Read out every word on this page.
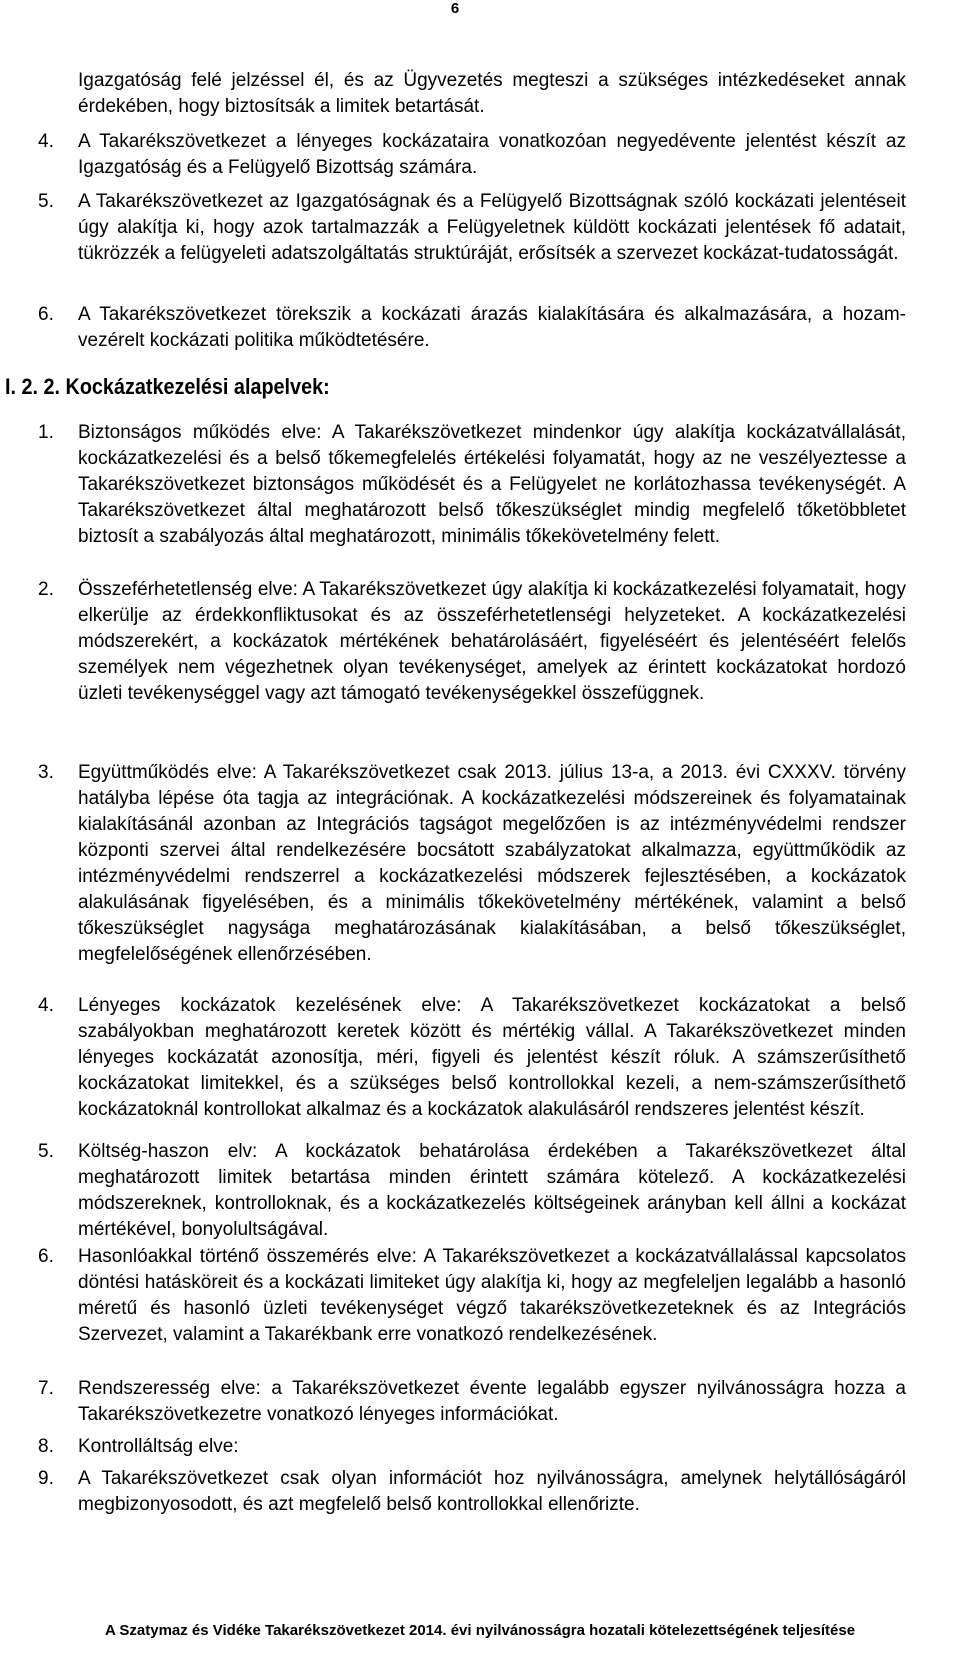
6
Igazgatóság felé jelzéssel él, és az Ügyvezetés megteszi a szükséges intézkedéseket annak érdekében, hogy biztosítsák a limitek betartását.
4.	A Takarékszövetkezet a lényeges kockázataira vonatkozóan negyedévente jelentést készít az Igazgatóság és a Felügyelő Bizottság számára.
5.	A Takarékszövetkezet az Igazgatóságnak és a Felügyelő Bizottságnak szóló kockázati jelentéseit úgy alakítja ki, hogy azok tartalmazzák a Felügyeletnek küldött kockázati jelentések fő adatait, tükrözzék a felügyeleti adatszolgáltatás struktúráját, erősítsék a szervezet kockázat-tudatosságát.
6.	A Takarékszövetkezet törekszik a kockázati árazás kialakítására és alkalmazására, a hozam-vezérelt kockázati politika működtetésére.
I. 2. 2. Kockázatkezelési alapelvek:
1.	Biztonságos működés elve: A Takarékszövetkezet mindenkor úgy alakítja kockázatvállalását, kockázatkezelési és a belső tőkemegfelelés értékelési folyamatát, hogy az ne veszélyeztesse a Takarékszövetkezet biztonságos működését és a Felügyelet ne korlátozhassa tevékenységét. A Takarékszövetkezet által meghatározott belső tőkeszükséglet mindig megfelelő tőketöbbletet biztosít a szabályozás által meghatározott, minimális tőkekövetelmény felett.
2.	Összeférhetetlenség elve: A Takarékszövetkezet úgy alakítja ki kockázatkezelési folyamatait, hogy elkerülje az érdekkonfliktusokat és az összeférhetetlenségi helyzeteket. A kockázatkezelési módszerekért, a kockázatok mértékének behatárolásáért, figyeléséért és jelentéséért felelős személyek nem végezhetnek olyan tevékenységet, amelyek az érintett kockázatokat hordozó üzleti tevékenységgel vagy azt támogató tevékenységekkel összefüggnek.
3.	Együttműködés elve: A Takarékszövetkezet csak 2013. július 13-a, a 2013. évi CXXXV. törvény hatályba lépése óta tagja az integrációnak. A kockázatkezelési módszereinek és folyamatainak kialakításánál azonban az Integrációs tagságot megelőzően is az intézményvédelmi rendszer központi szervei által rendelkezésére bocsátott szabályzatokat alkalmazza, együttműködik az intézményvédelmi rendszerrel a kockázatkezelési módszerek fejlesztésében, a kockázatok alakulásának figyelésében, és a minimális tőkekövetelmény mértékének, valamint a belső tőkeszükséglet nagysága meghatározásának kialakításában, a belső tőkeszükséglet, megfelelőségének ellenőrzésében.
4.	Lényeges kockázatok kezelésének elve: A Takarékszövetkezet kockázatokat a belső szabályokban meghatározott keretek között és mértékig vállal. A Takarékszövetkezet minden lényeges kockázatát azonosítja, méri, figyeli és jelentést készít róluk. A számszerűsíthető kockázatokat limitekkel, és a szükséges belső kontrollokkal kezeli, a nem-számszerűsíthető kockázatoknál kontrollokat alkalmaz és a kockázatok alakulásáról rendszeres jelentést készít.
5.	Költség-haszon elv: A kockázatok behatárolása érdekében a Takarékszövetkezet által meghatározott limitek betartása minden érintett számára kötelező. A kockázatkezelési módszereknek, kontrolloknak, és a kockázatkezelés költségeinek arányban kell állni a kockázat mértékével, bonyolultságával.
6.	Hasonlóakkal történő összemérés elve: A Takarékszövetkezet a kockázatvállalással kapcsolatos döntési hatásköreit és a kockázati limiteket úgy alakítja ki, hogy az megfeleljen legalább a hasonló méretű és hasonló üzleti tevékenységet végző takarékszövetkezeteknek és az Integrációs Szervezet, valamint a Takarékbank erre vonatkozó rendelkezésének.
7.	Rendszeresség elve: a Takarékszövetkezet évente legalább egyszer nyilvánosságra hozza a Takarékszövetkezetre vonatkozó lényeges információkat.
8.	Kontrolláltság elve:
9.	A Takarékszövetkezet csak olyan információt hoz nyilvánosságra, amelynek helytállóságáról megbizonyosodott, és azt megfelelő belső kontrollokkal ellenőrizte.
A Szatymaz és Vidéke Takarékszövetkezet 2014. évi nyilvánosságra hozatali kötelezettségének teljesítése
